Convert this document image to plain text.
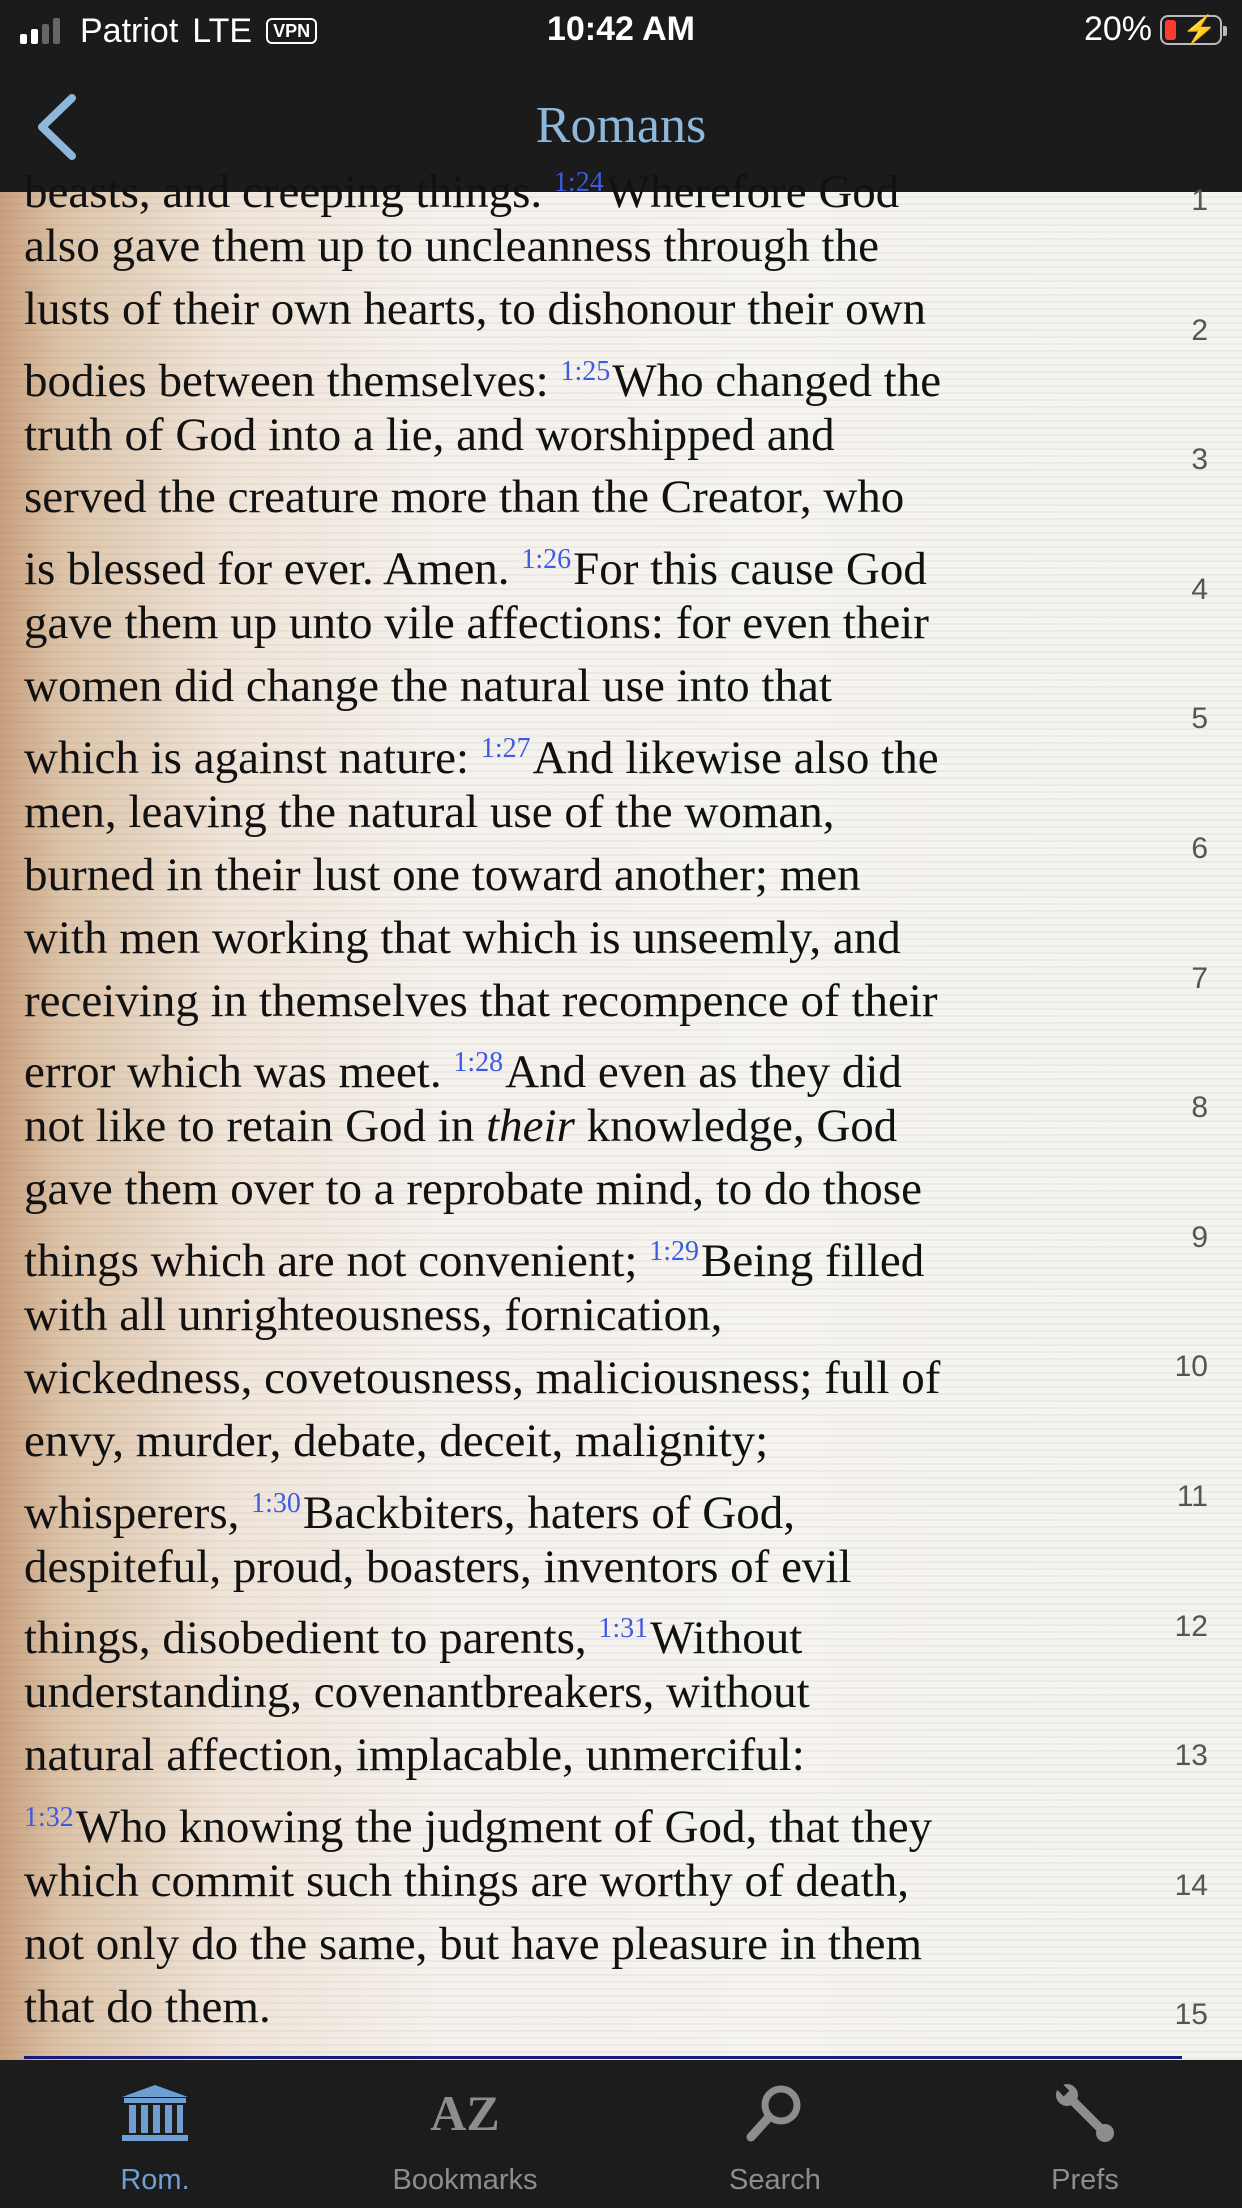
Patriot LTE	VPN	10:42 AM	20% ⚡
Romans
beasts, and creeping things. $^{1:24}$Wherefore God
also gave them up to uncleanness through the
lusts of their own hearts, to dishonour their own
bodies between themselves: $^{1:25}$Who changed the
truth of God into a lie, and worshipped and
served the creature more than the Creator, who
is blessed for ever. Amen. $^{1:26}$For this cause God
gave them up unto vile affections: for even their
women did change the natural use into that
which is against nature: $^{1:27}$And likewise also the
men, leaving the natural use of the woman,
burned in their lust one toward another; men
with men working that which is unseemly, and
receiving in themselves that recompence of their
error which was meet. $^{1:28}$And even as they did
not like to retain God in their knowledge, God
gave them over to a reprobate mind, to do those
things which are not convenient; $^{1:29}$Being filled
with all unrighteousness, fornication,
wickedness, covetousness, maliciousness; full of
envy, murder, debate, deceit, malignity;
whisperers, $^{1:30}$Backbiters, haters of God,
despiteful, proud, boasters, inventors of evil
things, disobedient to parents, $^{1:31}$Without
understanding, covenantbreakers, without
natural affection, implacable, unmerciful:
$^{1:32}$Who knowing the judgment of God, that they
which commit such things are worthy of death,
not only do the same, but have pleasure in them
that do them.
1
2
3
4
5
6
7
8
9
10
11
12
13
14
15
Rom.
AZ
Bookmarks	Search	Prefs
